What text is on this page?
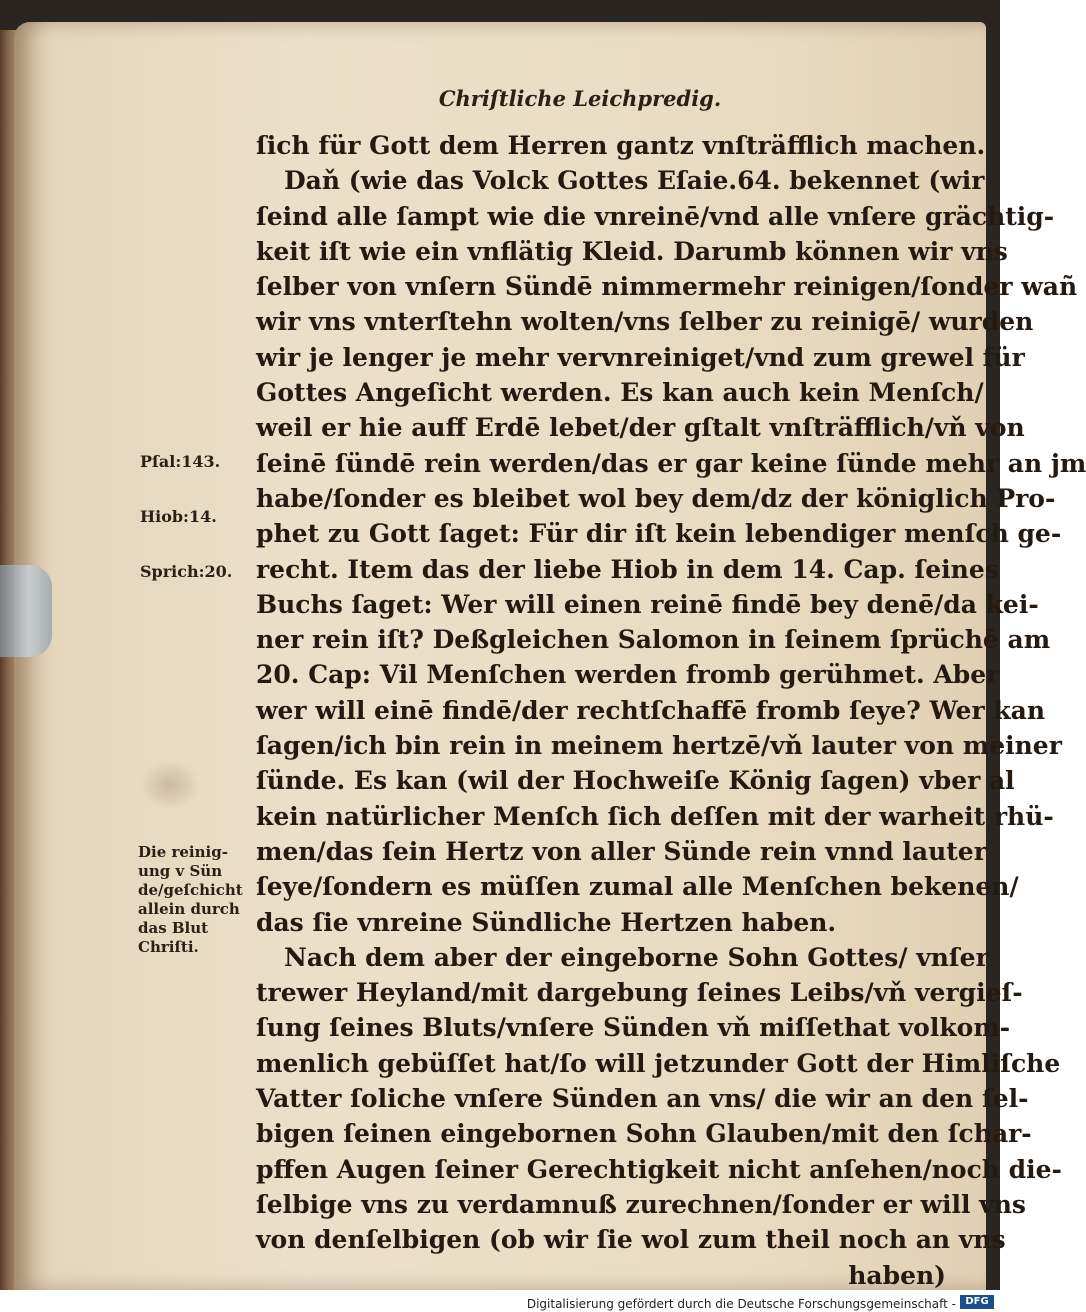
Chriſtliche Leichpredig.
ſich für Gott dem Herren gantz vnſträfflich machen.
Daň (wie das Volck Gottes Eſaie.64. bekennet (wir
ſeind alle ſampt wie die vnreinē/vnd alle vnſere grächtig-
keit iſt wie ein vnflätig Kleid. Darumb können wir vns
ſelber von vnſern Sündē nimmermehr reinigen/ſonder wañ
wir vns vnterſtehn wolten/vns ſelber zu reinigē/ wurden
wir je lenger je mehr vervnreiniget/vnd zum grewel für
Gottes Angeſicht werden. Es kan auch kein Menſch/
weil er hie auff Erdē lebet/der gſtalt vnſträfflich/vň von
ſeinē ſündē rein werden/das er gar keine ſünde mehr an jm
habe/ſonder es bleibet wol bey dem/dz der königlich Pro-
phet zu Gott ſaget: Für dir iſt kein lebendiger menſch ge-
recht. Item das der liebe Hiob in dem 14. Cap. ſeines
Buchs ſaget: Wer will einen reinē findē bey denē/da kei-
ner rein iſt? Deßgleichen Salomon in ſeinem ſprüchē am
20. Cap: Vil Menſchen werden fromb gerühmet. Aber
wer will einē findē/der rechtſchaffē fromb ſeye? Wer kan
ſagen/ich bin rein in meinem hertzē/vň lauter von meiner
ſünde. Es kan (wil der Hochweiſe König ſagen) vber al
kein natürlicher Menſch ſich deſſen mit der warheit rhü-
men/das ſein Hertz von aller Sünde rein vnnd lauter
ſeye/ſondern es müſſen zumal alle Menſchen bekenen/
das ſie vnreine Sündliche Hertzen haben.
Nach dem aber der eingeborne Sohn Gottes/ vnſer
trewer Heyland/mit dargebung ſeines Leibs/vň vergieſ-
ſung ſeines Bluts/vnſere Sünden vň miſſethat volkom-
menlich gebüſſet hat/ſo will jetzunder Gott der Himliſche
Vatter ſoliche vnſere Sünden an vns/ die wir an den ſel-
bigen ſeinen eingebornen Sohn Glauben/mit den ſchar-
pffen Augen ſeiner Gerechtigkeit nicht anſehen/noch die-
ſelbige vns zu verdamnuß zurechnen/ſonder er will vns
von denſelbigen (ob wir ſie wol zum theil noch an vns
haben)
Pſal:143.
Hiob:14.
Sprich:20.
Die reinig-
ung v Sün
de/geſchicht
allein durch
das Blut
Chriſti.
Digitalisierung gefördert durch die Deutsche Forschungsgemeinschaft - DFG
